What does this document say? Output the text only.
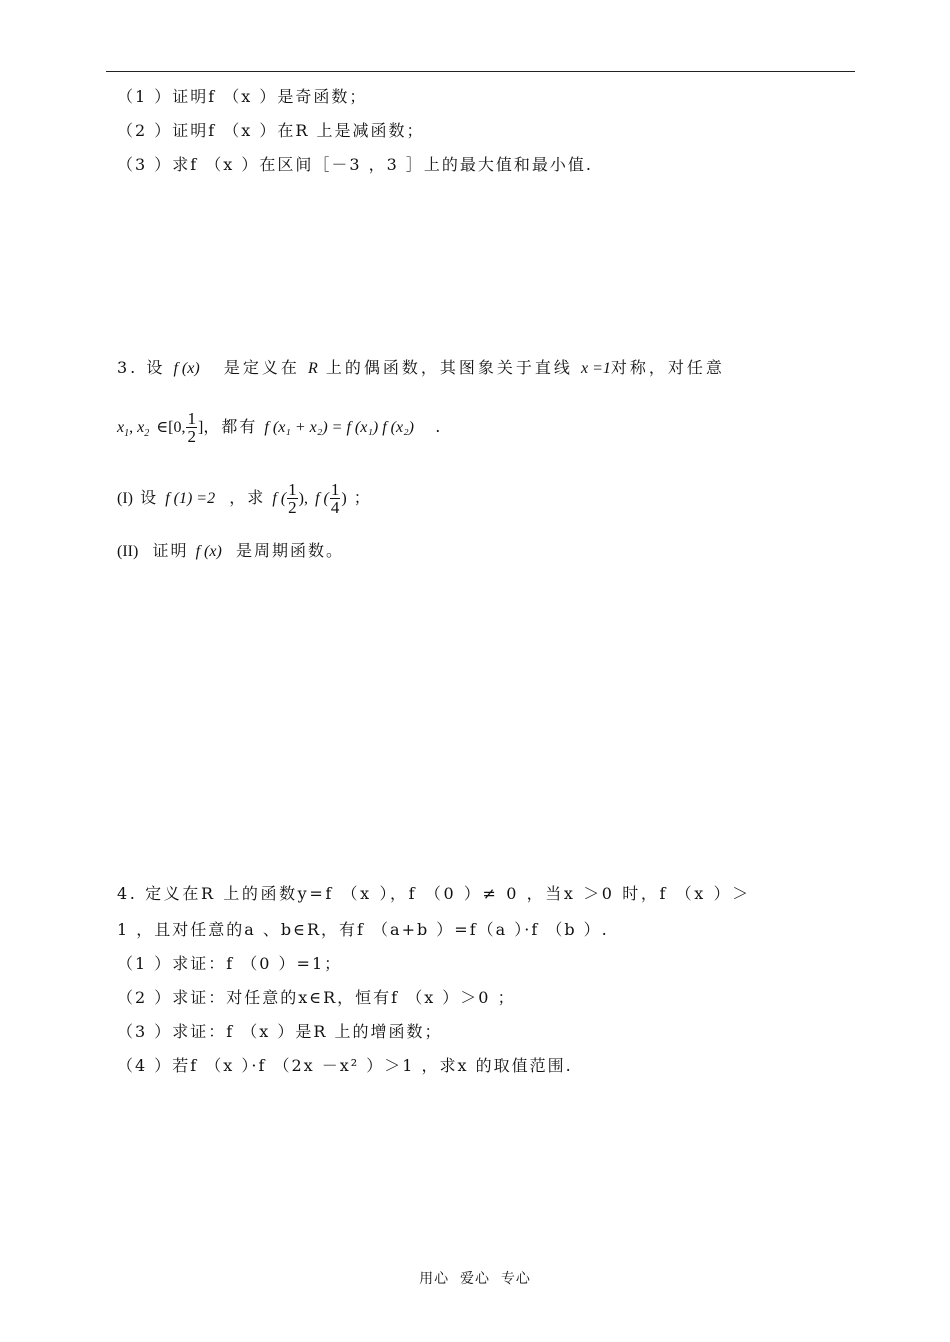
（1 ）证明f （x ）是奇函数；
（2 ）证明f （x ）在R 上是减函数；
（3 ）求f （x ）在区间［－3 ，3 ］上的最大值和最小值.
3. 设 f (x) 是定义在 R 上的偶函数，其图象关于直线 x =1对称，对任意
$x_1$, $x_2$ ∈[0, $\frac{1}{2}$ ]，都有 f (x₁ + x₂) = f (x₁) f (x₂) .
(I) 设 f (1) =2 ，求 f ( $\frac{1}{2}$ ), f ( $\frac{1}{4}$ ) ；
(II) 证明 f (x) 是周期函数。
4. 定义在R 上的函数y=f （x ），f （0 ）≠ 0 ，当x ＞0 时，f （x ）＞
1 ，且对任意的a 、b∈R，有f （a+b ）=f（a ）·f （b ）.
（1 ）求证：f （0 ）=1；
（2 ）求证：对任意的x∈R，恒有f （x ）＞0 ；
（3 ）求证：f （x ）是R 上的增函数；
（4 ）若f （x ）·f （2x －x² ）＞1 ，求x 的取值范围.
用心  爱心  专心
